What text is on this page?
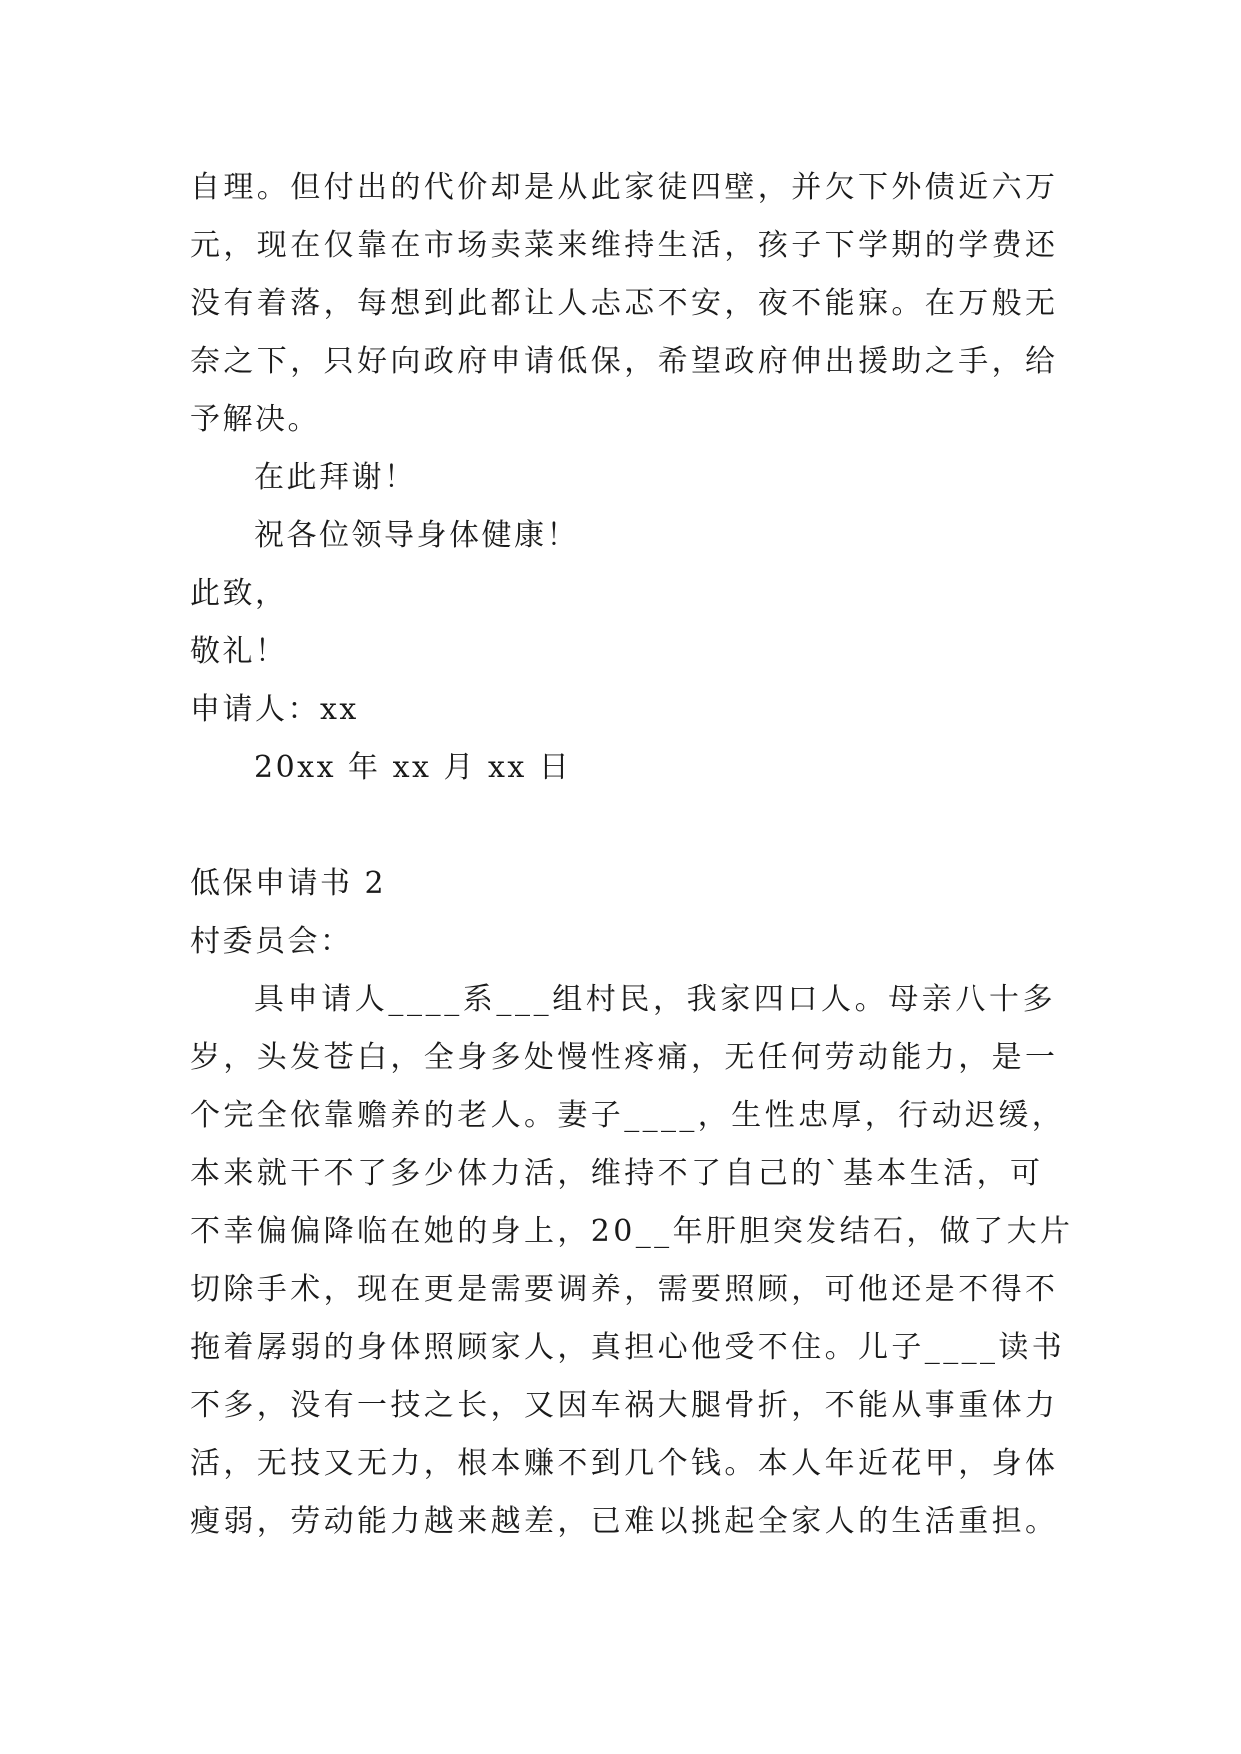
自理。但付出的代价却是从此家徒四壁，并欠下外债近六万
元，现在仅靠在市场卖菜来维持生活，孩子下学期的学费还
没有着落，每想到此都让人忐忑不安，夜不能寐。在万般无
奈之下，只好向政府申请低保，希望政府伸出援助之手，给
予解决。
在此拜谢！
祝各位领导身体健康！
此致，
敬礼！
申请人：xx
20xx 年 xx 月 xx 日
低保申请书 2
村委员会：
具申请人____系___组村民，我家四口人。母亲八十多
岁，头发苍白，全身多处慢性疼痛，无任何劳动能力，是一
个完全依靠赡养的老人。妻子____，生性忠厚，行动迟缓，
本来就干不了多少体力活，维持不了自己的`基本生活，可
不幸偏偏降临在她的身上，20__年肝胆突发结石，做了大片
切除手术，现在更是需要调养，需要照顾，可他还是不得不
拖着孱弱的身体照顾家人，真担心他受不住。儿子____读书
不多，没有一技之长，又因车祸大腿骨折，不能从事重体力
活，无技又无力，根本赚不到几个钱。本人年近花甲，身体
瘦弱，劳动能力越来越差，已难以挑起全家人的生活重担。
